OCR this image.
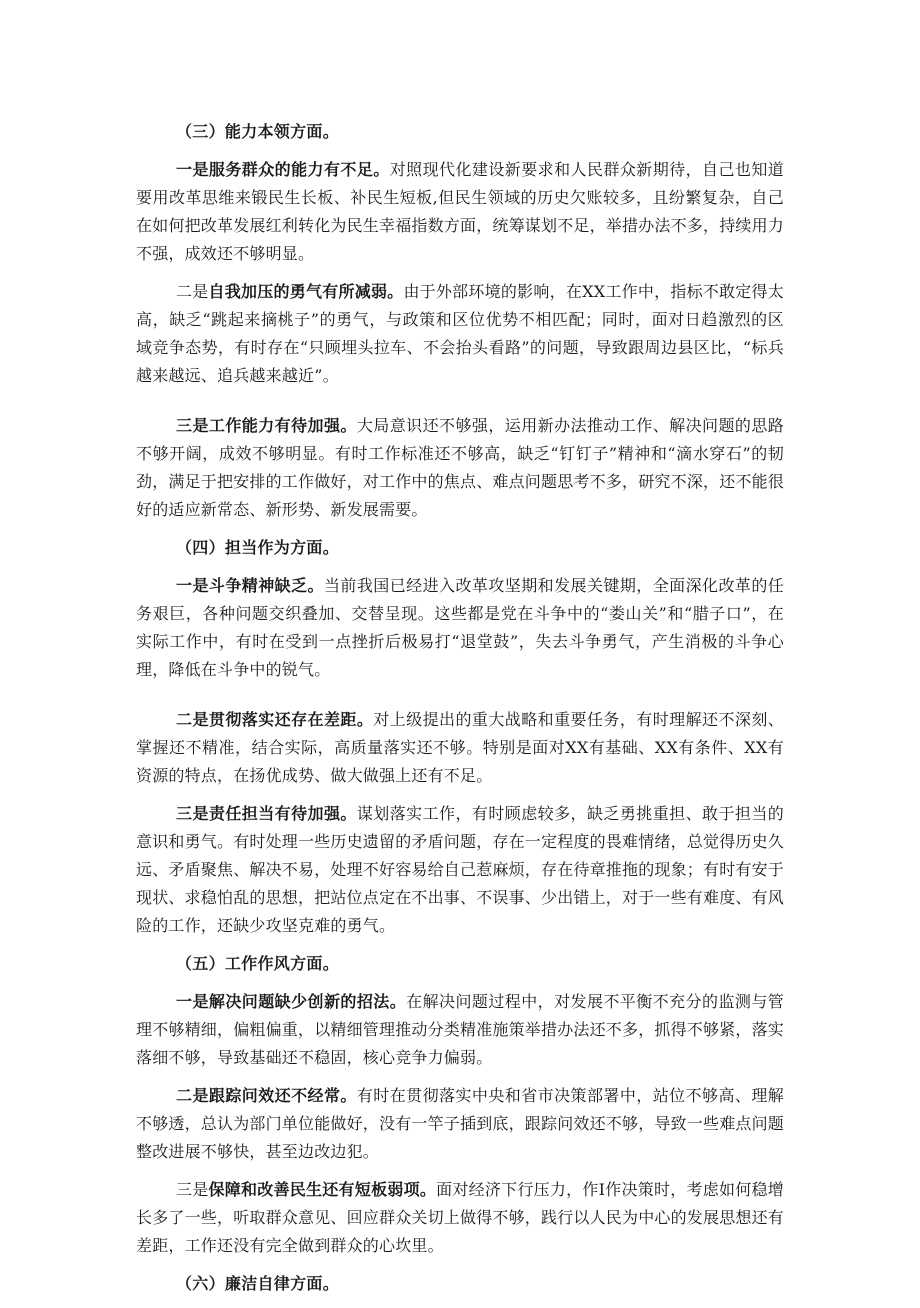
（三）能力本领方面。

一是服务群众的能力有不足。对照现代化建设新要求和人民群众新期待，自己也知道要用改革思维来锻民生长板、补民生短板,但民生领域的历史欠账较多，且纷繁复杂，自己在如何把改革发展红利转化为民生幸福指数方面，统筹谋划不足，举措办法不多，持续用力不强，成效还不够明显。

二是自我加压的勇气有所减弱。由于外部环境的影响，在XX工作中，指标不敢定得太高，缺乏“跳起来摘桃子”的勇气，与政策和区位优势不相匹配；同时，面对日趋激烈的区域竞争态势，有时存在“只顾埋头拉车、不会抬头看路”的问题，导致跟周边县区比，“标兵越来越远、追兵越来越近”。

三是工作能力有待加强。大局意识还不够强，运用新办法推动工作、解决问题的思路不够开阔，成效不够明显。有时工作标准还不够高，缺乏“钉钉子”精神和“滴水穿石”的韧劲，满足于把安排的工作做好，对工作中的焦点、难点问题思考不多，研究不深，还不能很好的适应新常态、新形势、新发展需要。

（四）担当作为方面。

一是斗争精神缺乏。当前我国已经进入改革攻坚期和发展关键期，全面深化改革的任务艰巨，各种问题交织叠加、交替呈现。这些都是党在斗争中的“娄山关”和“腊子口”，在实际工作中，有时在受到一点挫折后极易打“退堂鼓”，失去斗争勇气，产生消极的斗争心理，降低在斗争中的锐气。

二是贯彻落实还存在差距。对上级提出的重大战略和重要任务，有时理解还不深刻、掌握还不精准，结合实际，高质量落实还不够。特别是面对XX有基础、XX有条件、XX有资源的特点，在扬优成势、做大做强上还有不足。

三是责任担当有待加强。谋划落实工作，有时顾虑较多，缺乏勇挑重担、敢于担当的意识和勇气。有时处理一些历史遗留的矛盾问题，存在一定程度的畏难情绪，总觉得历史久远、矛盾聚焦、解决不易，处理不好容易给自己惹麻烦，存在待章推拖的现象；有时有安于现状、求稳怕乱的思想，把站位点定在不出事、不误事、少出错上，对于一些有难度、有风险的工作，还缺少攻坚克难的勇气。

（五）工作作风方面。

一是解决问题缺少创新的招法。在解决问题过程中，对发展不平衡不充分的监测与管理不够精细，偏粗偏重，以精细管理推动分类精准施策举措办法还不多，抓得不够紧，落实落细不够，导致基础还不稳固，核心竞争力偏弱。

二是跟踪问效还不经常。有时在贯彻落实中央和省市决策部署中，站位不够高、理解不够透，总认为部门单位能做好，没有一竿子插到底，跟踪问效还不够，导致一些难点问题整改进展不够快，甚至边改边犯。

三是保障和改善民生还有短板弱项。面对经济下行压力，作I作决策时，考虑如何稳增长多了一些，听取群众意见、回应群众关切上做得不够，践行以人民为中心的发展思想还有差距，工作还没有完全做到群众的心坎里。

（六）廉洁自律方面。
